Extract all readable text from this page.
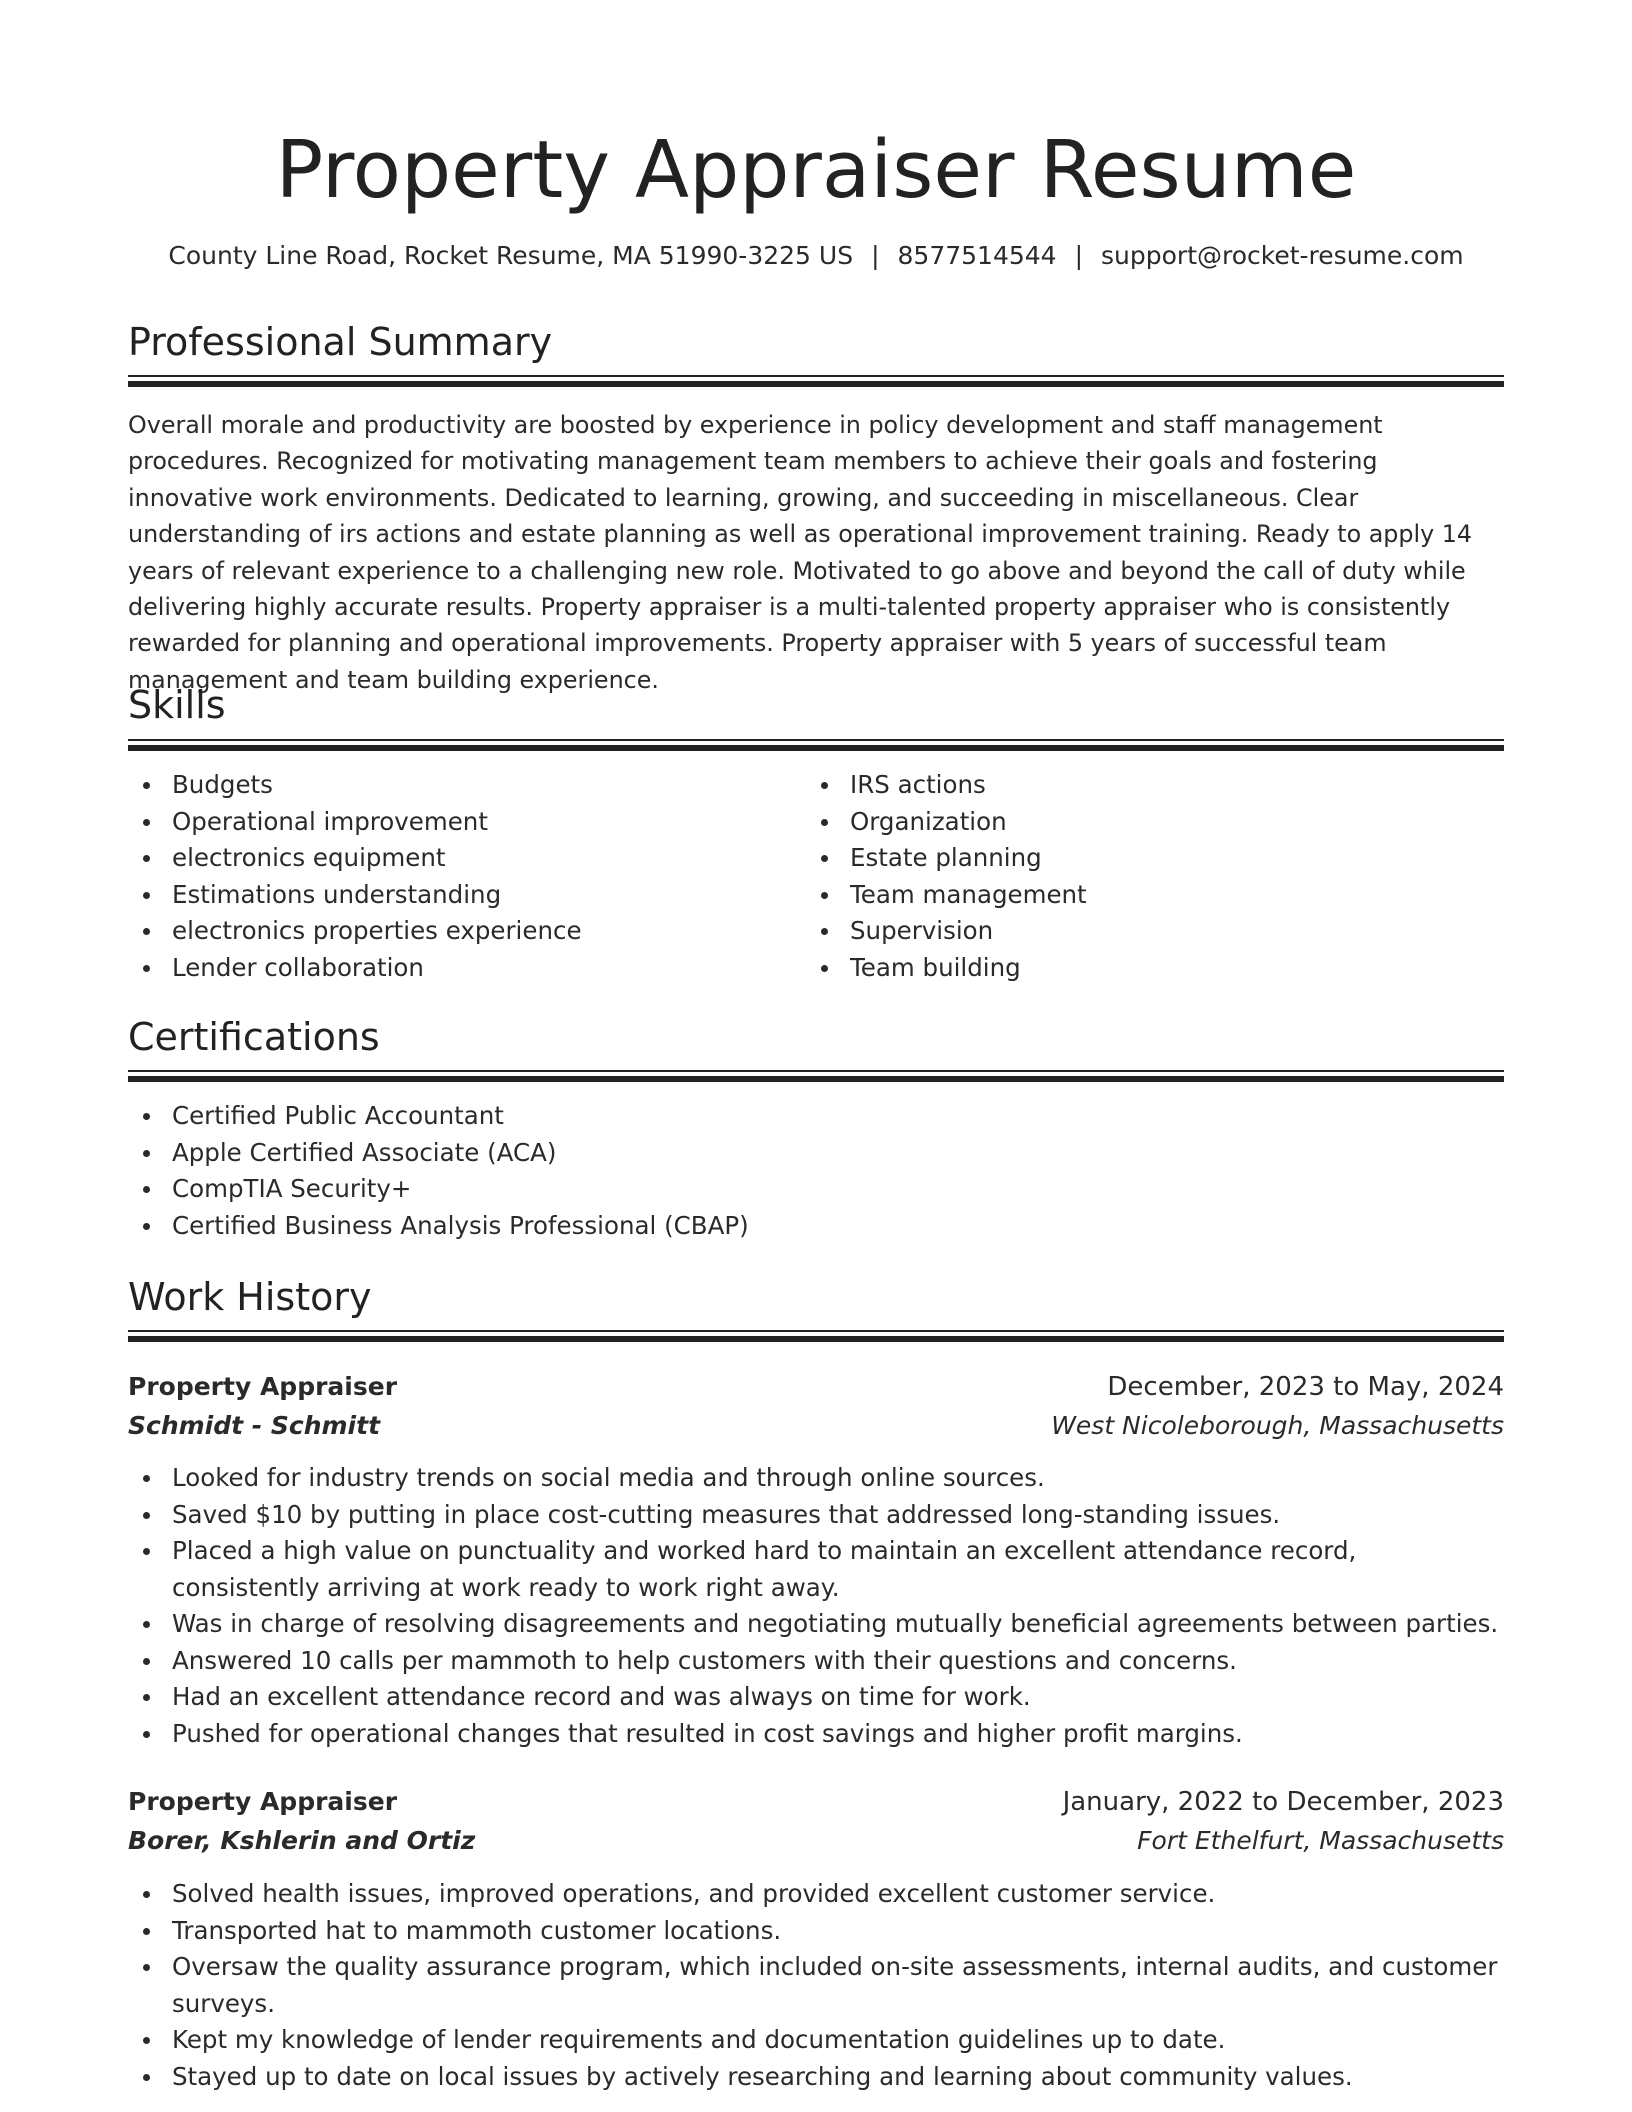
Property Appraiser Resume

County Line Road, Rocket Resume, MA 51990-3225 US | 8577514544 | support@rocket-resume.com

Professional Summary

Overall morale and productivity are boosted by experience in policy development and staff management procedures. Recognized for motivating management team members to achieve their goals and fostering innovative work environments. Dedicated to learning, growing, and succeeding in miscellaneous. Clear understanding of irs actions and estate planning as well as operational improvement training. Ready to apply 14 years of relevant experience to a challenging new role. Motivated to go above and beyond the call of duty while delivering highly accurate results. Property appraiser is a multi-talented property appraiser who is consistently rewarded for planning and operational improvements. Property appraiser with 5 years of successful team management and team building experience.

Skills
Budgets
Operational improvement
electronics equipment
Estimations understanding
electronics properties experience
Lender collaboration
IRS actions
Organization
Estate planning
Team management
Supervision
Team building
Certifications
Certified Public Accountant
Apple Certified Associate (ACA)
CompTIA Security+
Certified Business Analysis Professional (CBAP)
Work History
Property Appraiser	December, 2023 to May, 2024
Schmidt - Schmitt	West Nicoleborough, Massachusetts
Looked for industry trends on social media and through online sources.
Saved $10 by putting in place cost-cutting measures that addressed long-standing issues.
Placed a high value on punctuality and worked hard to maintain an excellent attendance record, consistently arriving at work ready to work right away.
Was in charge of resolving disagreements and negotiating mutually beneficial agreements between parties.
Answered 10 calls per mammoth to help customers with their questions and concerns.
Had an excellent attendance record and was always on time for work.
Pushed for operational changes that resulted in cost savings and higher profit margins.
Property Appraiser	January, 2022 to December, 2023
Borer, Kshlerin and Ortiz	Fort Ethelfurt, Massachusetts
Solved health issues, improved operations, and provided excellent customer service.
Transported hat to mammoth customer locations.
Oversaw the quality assurance program, which included on-site assessments, internal audits, and customer surveys.
Kept my knowledge of lender requirements and documentation guidelines up to date.
Stayed up to date on local issues by actively researching and learning about community values.
